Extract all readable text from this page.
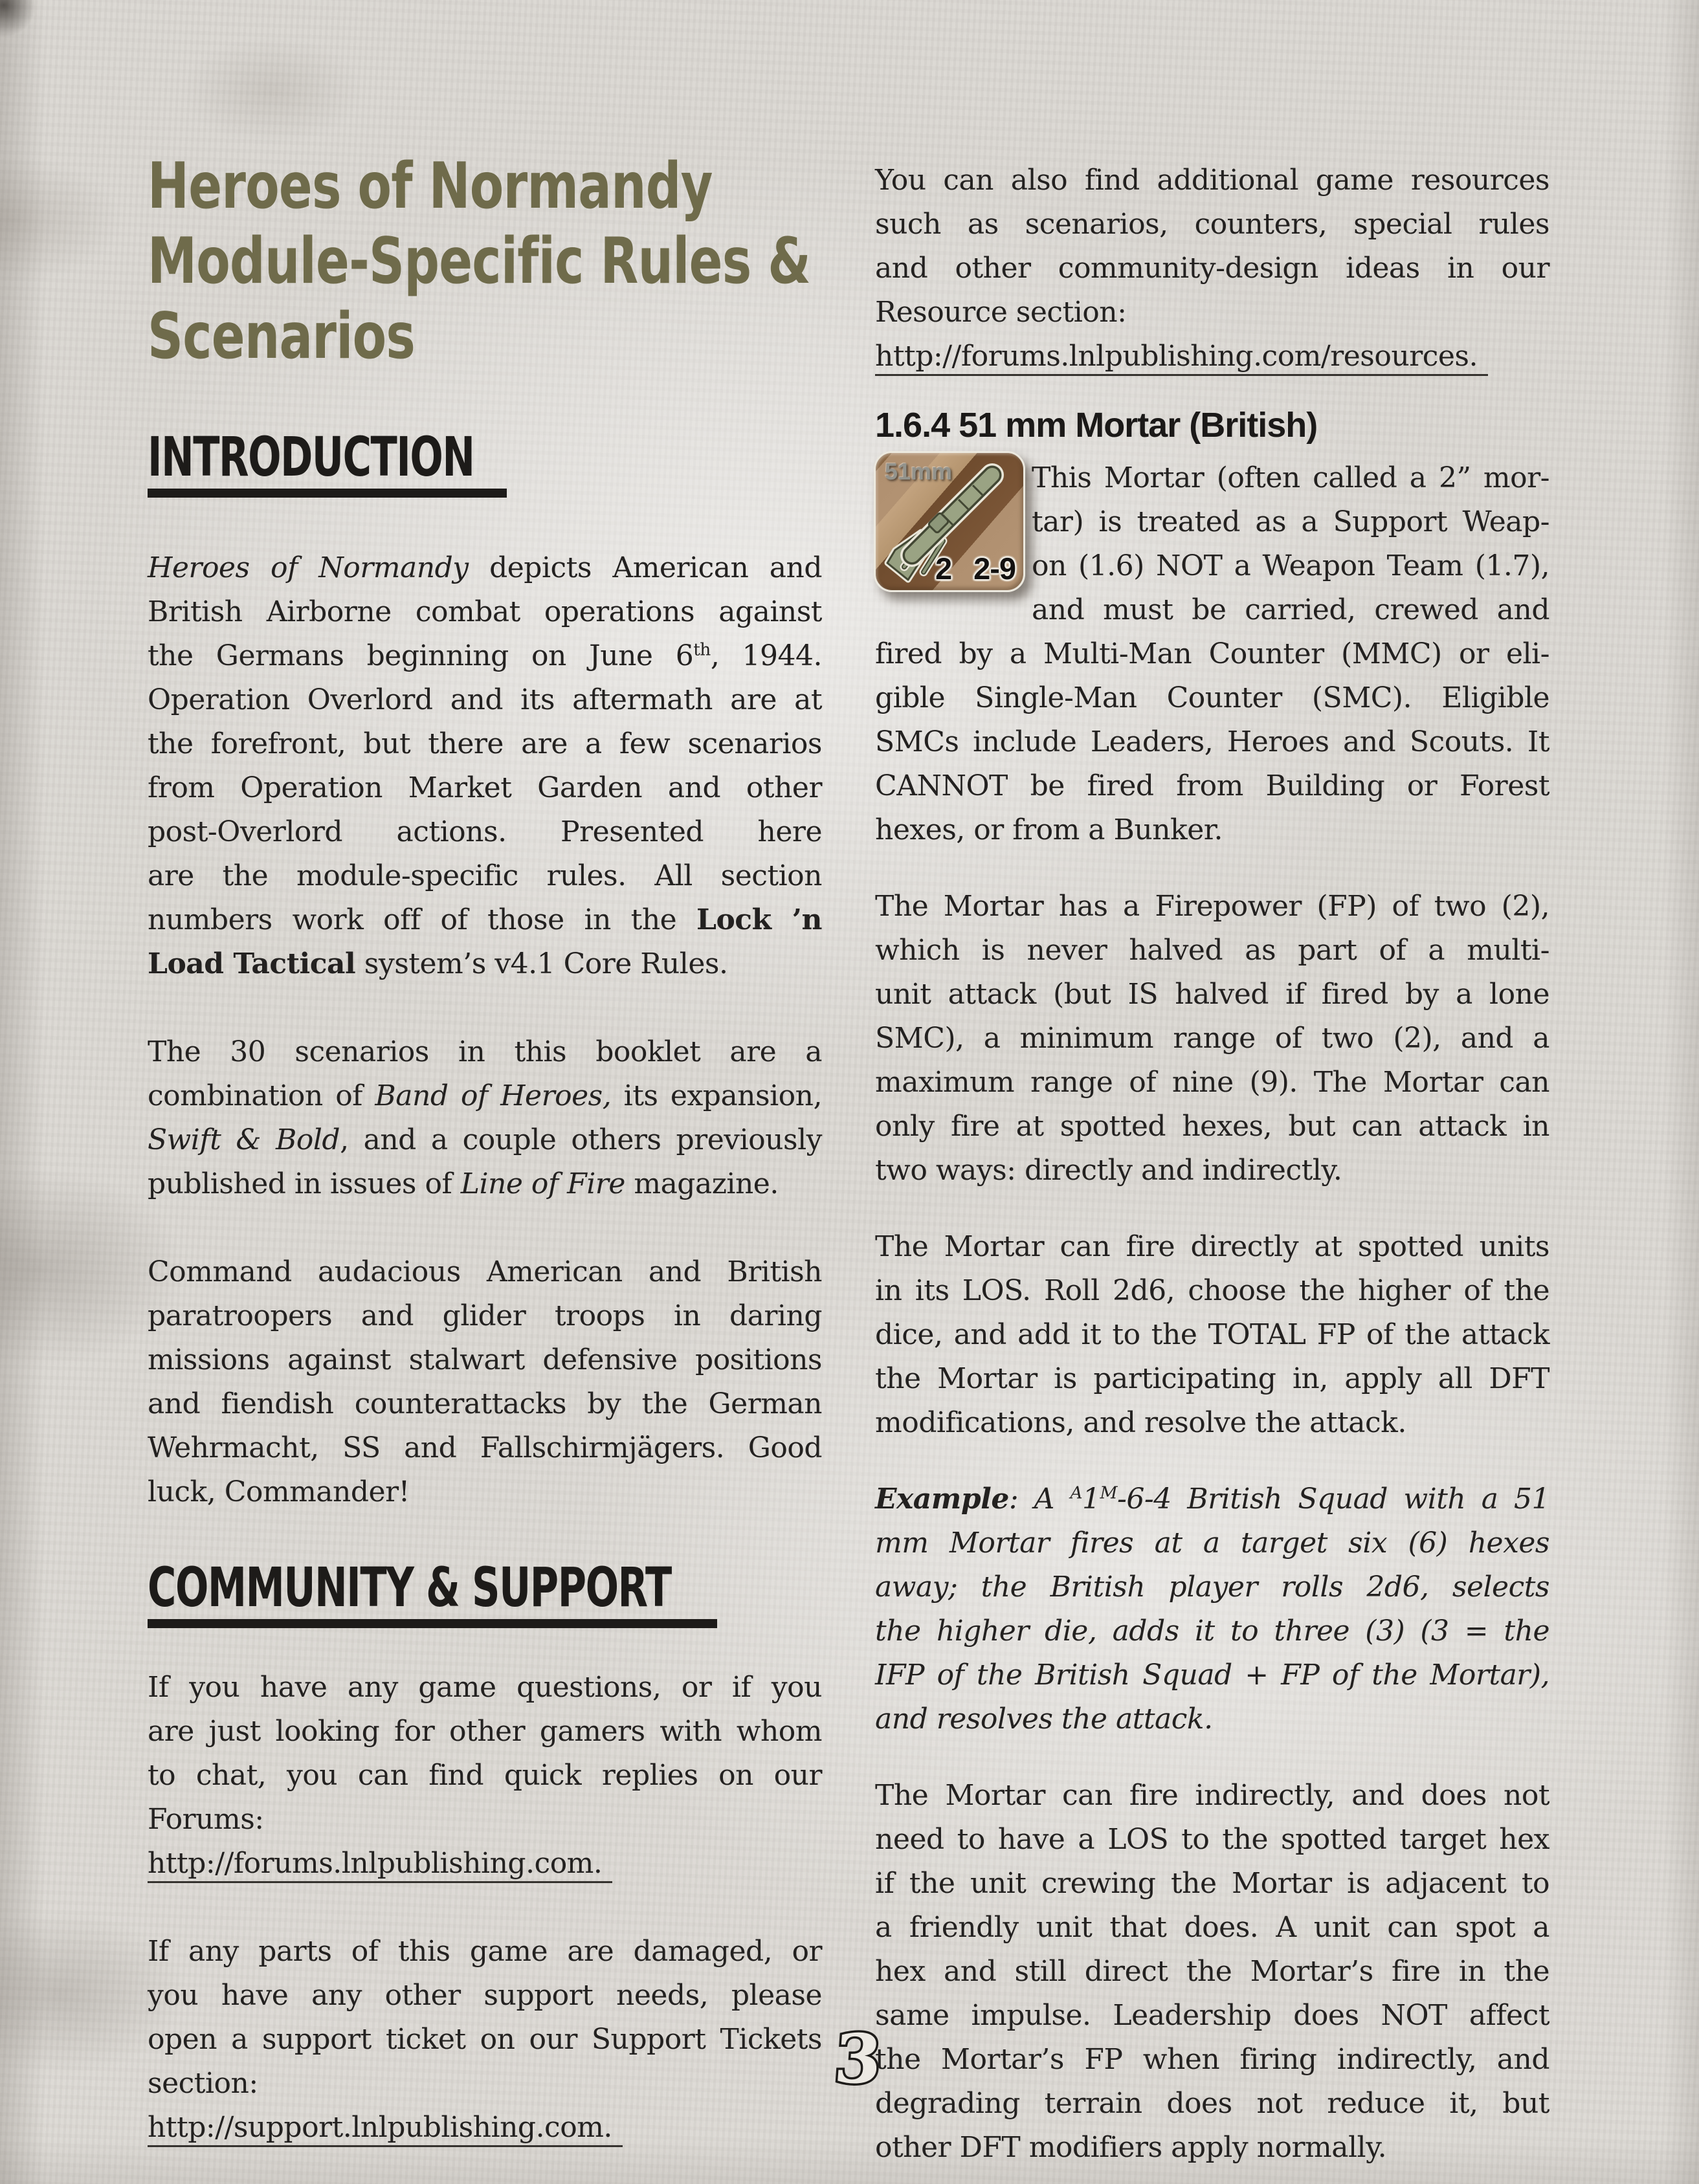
Heroes of Normandy
Module-Specific Rules &
Scenarios
INTRODUCTION
Heroes of Normandy depicts American and
British Airborne combat operations against
the Germans beginning on June 6th, 1944.
Operation Overlord and its aftermath are at
the forefront, but there are a few scenarios
from Operation Market Garden and other
post-Overlord actions. Presented here
are the module-specific rules. All section
numbers work off of those in the Lock ’n
Load Tactical system’s v4.1 Core Rules.
The 30 scenarios in this booklet are a
combination of Band of Heroes, its expansion,
Swift & Bold, and a couple others previously
published in issues of Line of Fire magazine.
Command audacious American and British
paratroopers and glider troops in daring
missions against stalwart defensive positions
and fiendish counterattacks by the German
Wehrmacht, SS and Fallschirmjägers. Good
luck, Commander!
COMMUNITY & SUPPORT
If you have any game questions, or if you
are just looking for other gamers with whom
to chat, you can find quick replies on our
Forums:
http://forums.lnlpublishing.com.
If any parts of this game are damaged, or
you have any other support needs, please
open a support ticket on our Support Tickets
section:
http://support.lnlpublishing.com.
You can also find additional game resources
such as scenarios, counters, special rules
and other community-design ideas in our
Resource section:
http://forums.lnlpublishing.com/resources.
1.6.4 51 mm Mortar (British)
51mm
2 2-9
This Mortar (often called a 2” mor-
tar) is treated as a Support Weap-
on (1.6) NOT a Weapon Team (1.7),
and must be carried, crewed and
fired by a Multi-Man Counter (MMC) or eli-
gible Single-Man Counter (SMC). Eligible
SMCs include Leaders, Heroes and Scouts. It
CANNOT be fired from Building or Forest
hexes, or from a Bunker.
The Mortar has a Firepower (FP) of two (2),
which is never halved as part of a multi-
unit attack (but IS halved if fired by a lone
SMC), a minimum range of two (2), and a
maximum range of nine (9). The Mortar can
only fire at spotted hexes, but can attack in
two ways: directly and indirectly.
The Mortar can fire directly at spotted units
in its LOS. Roll 2d6, choose the higher of the
dice, and add it to the TOTAL FP of the attack
the Mortar is participating in, apply all DFT
modifications, and resolve the attack.
Example: A $^A1^M-6-4$ British Squad with a 51
mm Mortar fires at a target six (6) hexes
away; the British player rolls 2d6, selects
the higher die, adds it to three (3) (3 = the
IFP of the British Squad + FP of the Mortar),
and resolves the attack.
The Mortar can fire indirectly, and does not
need to have a LOS to the spotted target hex
if the unit crewing the Mortar is adjacent to
a friendly unit that does. A unit can spot a
hex and still direct the Mortar’s fire in the
same impulse. Leadership does NOT affect
the Mortar’s FP when firing indirectly, and
degrading terrain does not reduce it, but
other DFT modifiers apply normally.
3
